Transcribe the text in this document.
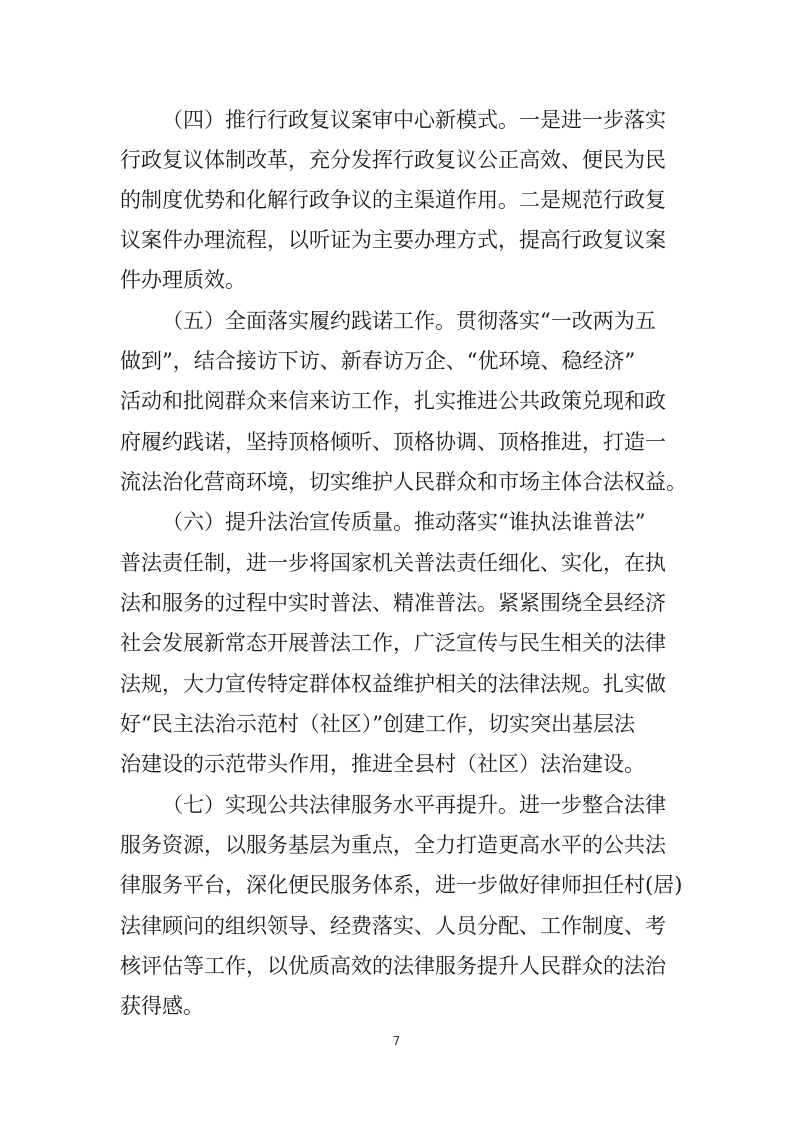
（四）推行行政复议案审中心新模式。一是进一步落实
行政复议体制改革，充分发挥行政复议公正高效、便民为民
的制度优势和化解行政争议的主渠道作用。二是规范行政复
议案件办理流程，以听证为主要办理方式，提高行政复议案
件办理质效。
（五）全面落实履约践诺工作。贯彻落实“一改两为五
做到”，结合接访下访、新春访万企、“优环境、稳经济”
活动和批阅群众来信来访工作，扎实推进公共政策兑现和政
府履约践诺，坚持顶格倾听、顶格协调、顶格推进，打造一
流法治化营商环境，切实维护人民群众和市场主体合法权益。
（六）提升法治宣传质量。推动落实“谁执法谁普法”
普法责任制，进一步将国家机关普法责任细化、实化，在执
法和服务的过程中实时普法、精准普法。紧紧围绕全县经济
社会发展新常态开展普法工作，广泛宣传与民生相关的法律
法规，大力宣传特定群体权益维护相关的法律法规。扎实做
好“民主法治示范村（社区）”创建工作，切实突出基层法
治建设的示范带头作用，推进全县村（社区）法治建设。
（七）实现公共法律服务水平再提升。进一步整合法律
服务资源，以服务基层为重点，全力打造更高水平的公共法
律服务平台，深化便民服务体系，进一步做好律师担任村(居)
法律顾问的组织领导、经费落实、人员分配、工作制度、考
核评估等工作，以优质高效的法律服务提升人民群众的法治
获得感。
7
